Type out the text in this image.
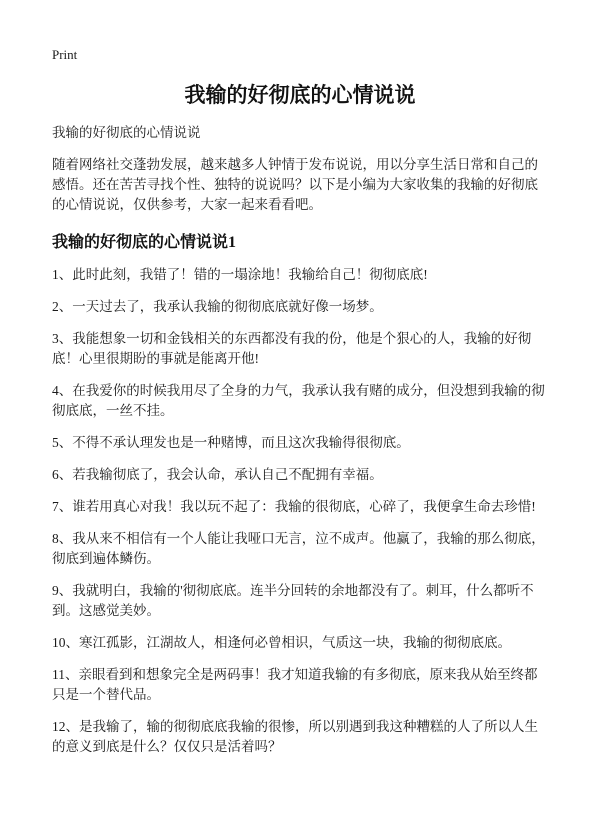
Print
我输的好彻底的心情说说

我输的好彻底的心情说说

随着网络社交蓬勃发展，越来越多人钟情于发布说说，用以分享生活日常和自己的感悟。还在苦苦寻找个性、独特的说说吗？以下是小编为大家收集的我输的好彻底的心情说说，仅供参考，大家一起来看看吧。

我输的好彻底的心情说说1

1、此时此刻，我错了！错的一塌涂地！我输给自己！彻彻底底!

2、一天过去了，我承认我输的彻彻底底就好像一场梦。

3、我能想象一切和金钱相关的东西都没有我的份，他是个狠心的人，我输的好彻底！心里很期盼的事就是能离开他!

4、在我爱你的时候我用尽了全身的力气，我承认我有赌的成分，但没想到我输的彻彻底底，一丝不挂。

5、不得不承认理发也是一种赌博，而且这次我输得很彻底。

6、若我输彻底了，我会认命，承认自己不配拥有幸福。

7、谁若用真心对我！我以玩不起了：我输的很彻底，心碎了，我便拿生命去珍惜!

8、我从来不相信有一个人能让我哑口无言，泣不成声。他赢了，我输的那么彻底，彻底到遍体鳞伤。

9、我就明白，我输的'彻彻底底。连半分回转的余地都没有了。刺耳，什么都听不到。这感觉美妙。

10、寒江孤影，江湖故人，相逢何必曾相识，气质这一块，我输的彻彻底底。

11、亲眼看到和想象完全是两码事！我才知道我输的有多彻底，原来我从始至终都只是一个替代品。

12、是我输了，输的彻彻底底我输的很惨，所以别遇到我这种糟糕的人了所以人生的意义到底是什么？仅仅只是活着吗？
